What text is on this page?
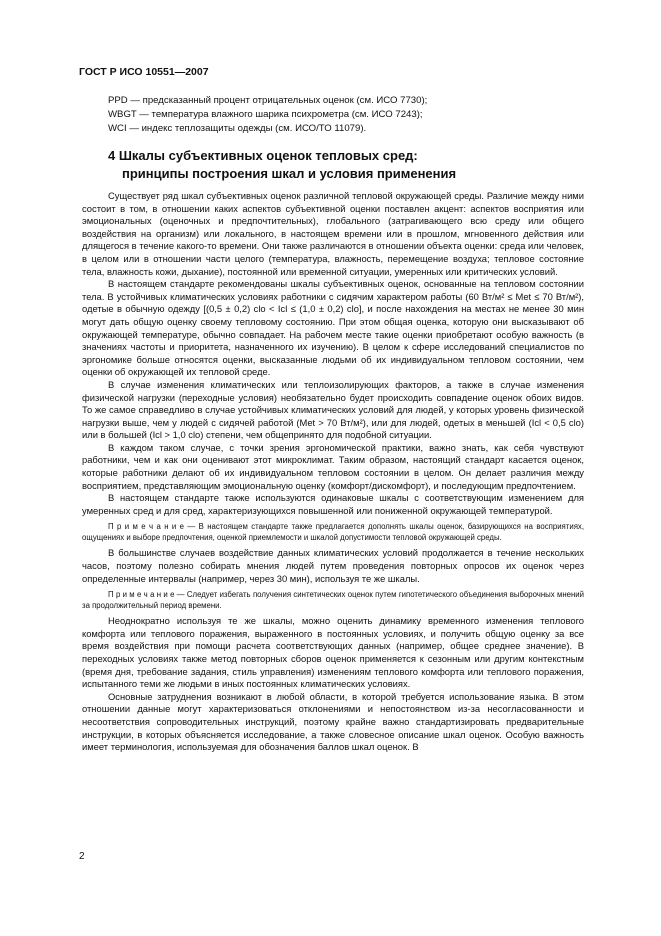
ГОСТ Р ИСО 10551—2007
PPD — предсказанный процент отрицательных оценок (см. ИСО 7730);
WBGT — температура влажного шарика психрометра (см. ИСО 7243);
WCI — индекс теплозащиты одежды (см. ИСО/ТО 11079).
4 Шкалы субъективных оценок тепловых сред:
принципы построения шкал и условия применения

Существует ряд шкал субъективных оценок различной тепловой окружающей среды. Различие между ними состоит в том, в отношении каких аспектов субъективной оценки поставлен акцент: аспектов восприятия или эмоциональных (оценочных и предпочтительных), глобального (затрагивающего всю среду или общего воздействия на организм) или локального, в настоящем времени или в прошлом, мгновенного действия или длящегося в течение какого-то времени. Они также различаются в отношении объекта оценки: среда или человек, в целом или в отношении части целого (температура, влажность, перемещение воздуха; тепловое состояние тела, влажность кожи, дыхание), постоянной или временной ситуации, умеренных или критических условий.

В настоящем стандарте рекомендованы шкалы субъективных оценок, основанные на тепловом состоянии тела. В устойчивых климатических условиях работники с сидячим характером работы (60 Вт/м² ≤ Met ≤ 70 Вт/м²), одетые в обычную одежду [(0,5 ± 0,2) clo < Icl ≤ (1,0 ± 0,2) clo], и после нахождения на местах не менее 30 мин могут дать общую оценку своему тепловому состоянию. При этом общая оценка, которую они высказывают об окружающей температуре, обычно совпадает. На рабочем месте такие оценки приобретают особую важность (в значениях частоты и приоритета, назначенного их изучению). В целом к сфере исследований специалистов по эргономике больше относятся оценки, высказанные людьми об их индивидуальном тепловом состоянии, чем оценки об окружающей их тепловой среде.

В случае изменения климатических или теплоизолирующих факторов, а также в случае изменения физической нагрузки (переходные условия) необязательно будет происходить совпадение оценок обоих видов. То же самое справедливо в случае устойчивых климатических условий для людей, у которых уровень физической нагрузки выше, чем у людей с сидячей работой (Met > 70 Вт/м²), или для людей, одетых в меньшей (Icl < 0,5 clo) или в большей (Icl > 1,0 clo) степени, чем общепринято для подобной ситуации.

В каждом таком случае, с точки зрения эргономической практики, важно знать, как себя чувствуют работники, чем и как они оценивают этот микроклимат. Таким образом, настоящий стандарт касается оценок, которые работники делают об их индивидуальном тепловом состоянии в целом. Он делает различия между восприятием, представляющим эмоциональную оценку (комфорт/дискомфорт), и последующим предпочтением.

В настоящем стандарте также используются одинаковые шкалы с соответствующим изменением для умеренных сред и для сред, характеризующихся повышенной или пониженной окружающей температурой.

П р и м е ч а н и е — В настоящем стандарте также предлагается дополнять шкалы оценок, базирующихся на восприятиях, ощущениях и выборе предпочтения, оценкой приемлемости и шкалой допустимости тепловой окружающей среды.

В большинстве случаев воздействие данных климатических условий продолжается в течение нескольких часов, поэтому полезно собирать мнения людей путем проведения повторных опросов их оценок через определенные интервалы (например, через 30 мин), используя те же шкалы.

П р и м е ч а н и е — Следует избегать получения синтетических оценок путем гипотетического объединения выборочных мнений за продолжительный период времени.

Неоднократно используя те же шкалы, можно оценить динамику временного изменения теплового комфорта или теплового поражения, выраженного в постоянных условиях, и получить общую оценку за все время воздействия при помощи расчета соответствующих данных (например, общее среднее значение). В переходных условиях также метод повторных сборов оценок применяется к сезонным или другим контекстным (время дня, требование задания, стиль управления) изменениям теплового комфорта или теплового поражения, испытанного теми же людьми в иных постоянных климатических условиях.

Основные затруднения возникают в любой области, в которой требуется использование языка. В этом отношении данные могут характеризоваться отклонениями и непостоянством из-за несогласованности и несоответствия сопроводительных инструкций, поэтому крайне важно стандартизировать предварительные инструкции, в которых объясняется исследование, а также словесное описание шкал оценок. Особую важность имеет терминология, используемая для обозначения баллов шкал оценок. В

2
